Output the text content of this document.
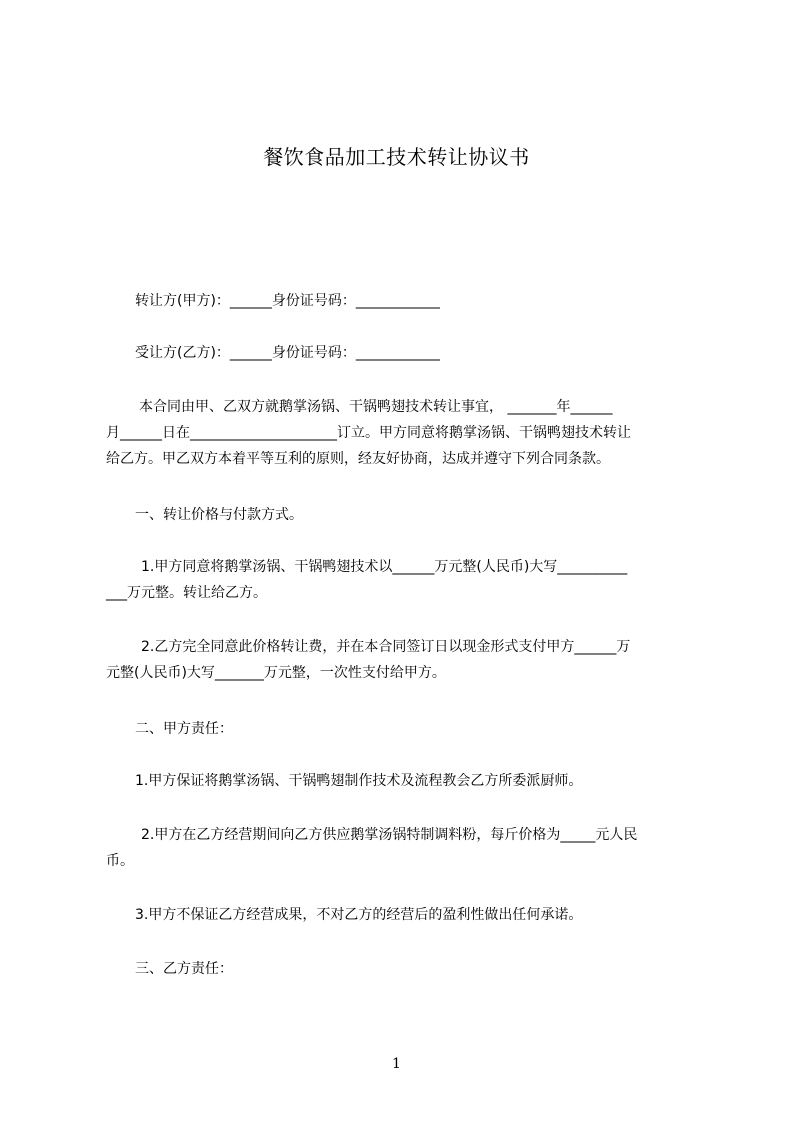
餐饮食品加工技术转让协议书
转让方(甲方)：______身份证号码：____________
受让方(乙方)：______身份证号码：____________
本合同由甲、乙双方就鹅掌汤锅、干锅鸭翅技术转让事宜， _______年______
月______日在_____________________订立。甲方同意将鹅掌汤锅、干锅鸭翅技术转让
给乙方。甲乙双方本着平等互利的原则，经友好协商，达成并遵守下列合同条款。
一、转让价格与付款方式。
1.甲方同意将鹅掌汤锅、干锅鸭翅技术以______万元整(人民币)大写__________
___万元整。转让给乙方。
2.乙方完全同意此价格转让费，并在本合同签订日以现金形式支付甲方______万
元整(人民币)大写_______万元整，一次性支付给甲方。
二、甲方责任：
1.甲方保证将鹅掌汤锅、干锅鸭翅制作技术及流程教会乙方所委派厨师。
2.甲方在乙方经营期间向乙方供应鹅掌汤锅特制调料粉，每斤价格为_____元人民
币。
3.甲方不保证乙方经营成果，不对乙方的经营后的盈利性做出任何承诺。
三、乙方责任：
1
